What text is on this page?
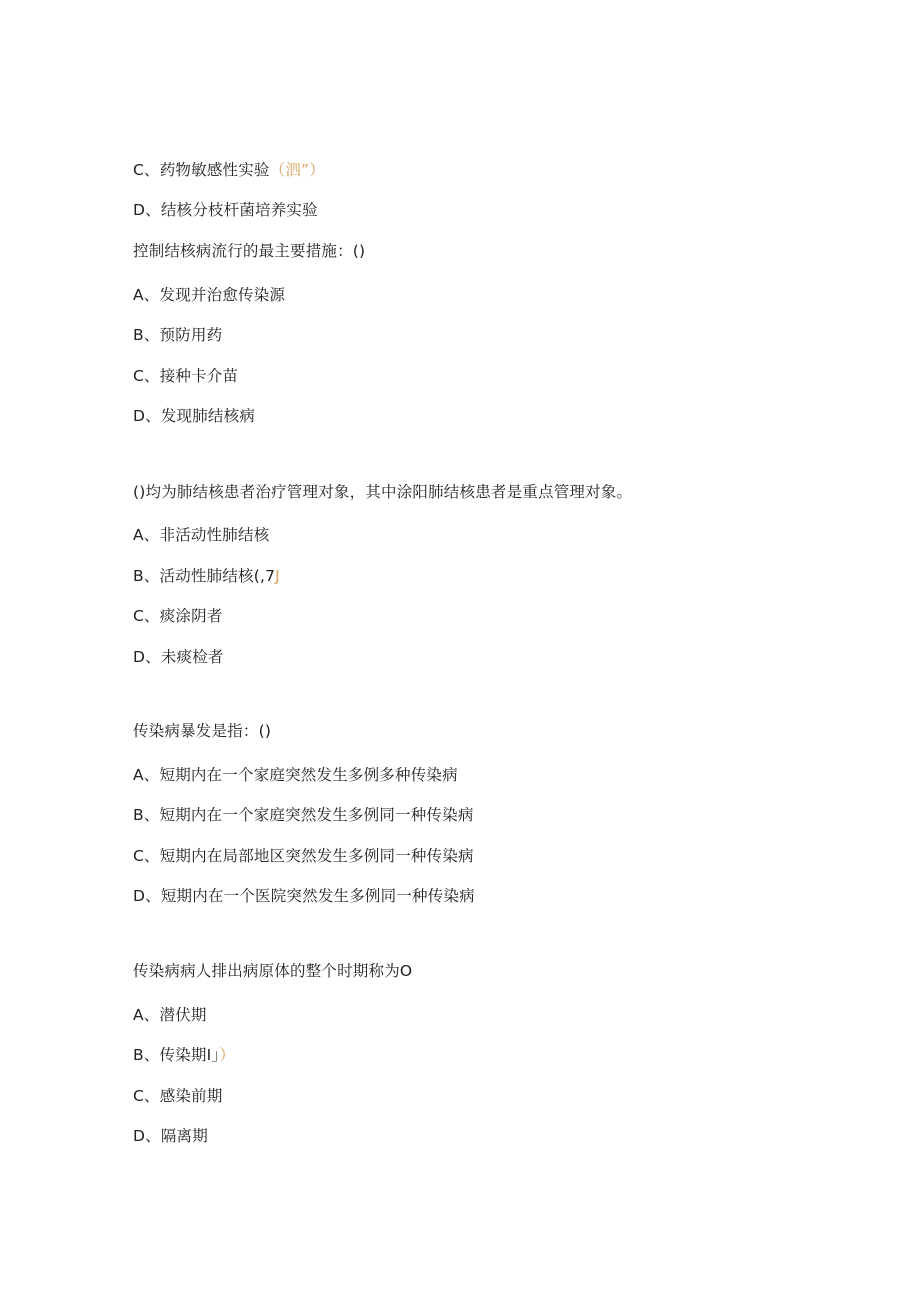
C、药物敏感性实验（泗”）
D、结核分枝杆菌培养实验
控制结核病流行的最主要措施：()
A、发现并治愈传染源
B、预防用药
C、接种卡介苗
D、发现肺结核病
()均为肺结核患者治疗管理对象，其中涂阳肺结核患者是重点管理对象。
A、非活动性肺结核
B、活动性肺结核(,7J
C、痰涂阴者
D、未痰检者
传染病暴发是指：()
A、短期内在一个家庭突然发生多例多种传染病
B、短期内在一个家庭突然发生多例同一种传染病
C、短期内在局部地区突然发生多例同一种传染病
D、短期内在一个医院突然发生多例同一种传染病
传染病病人排出病原体的整个时期称为O
A、潜伏期
B、传染期I」）
C、感染前期
D、隔离期
